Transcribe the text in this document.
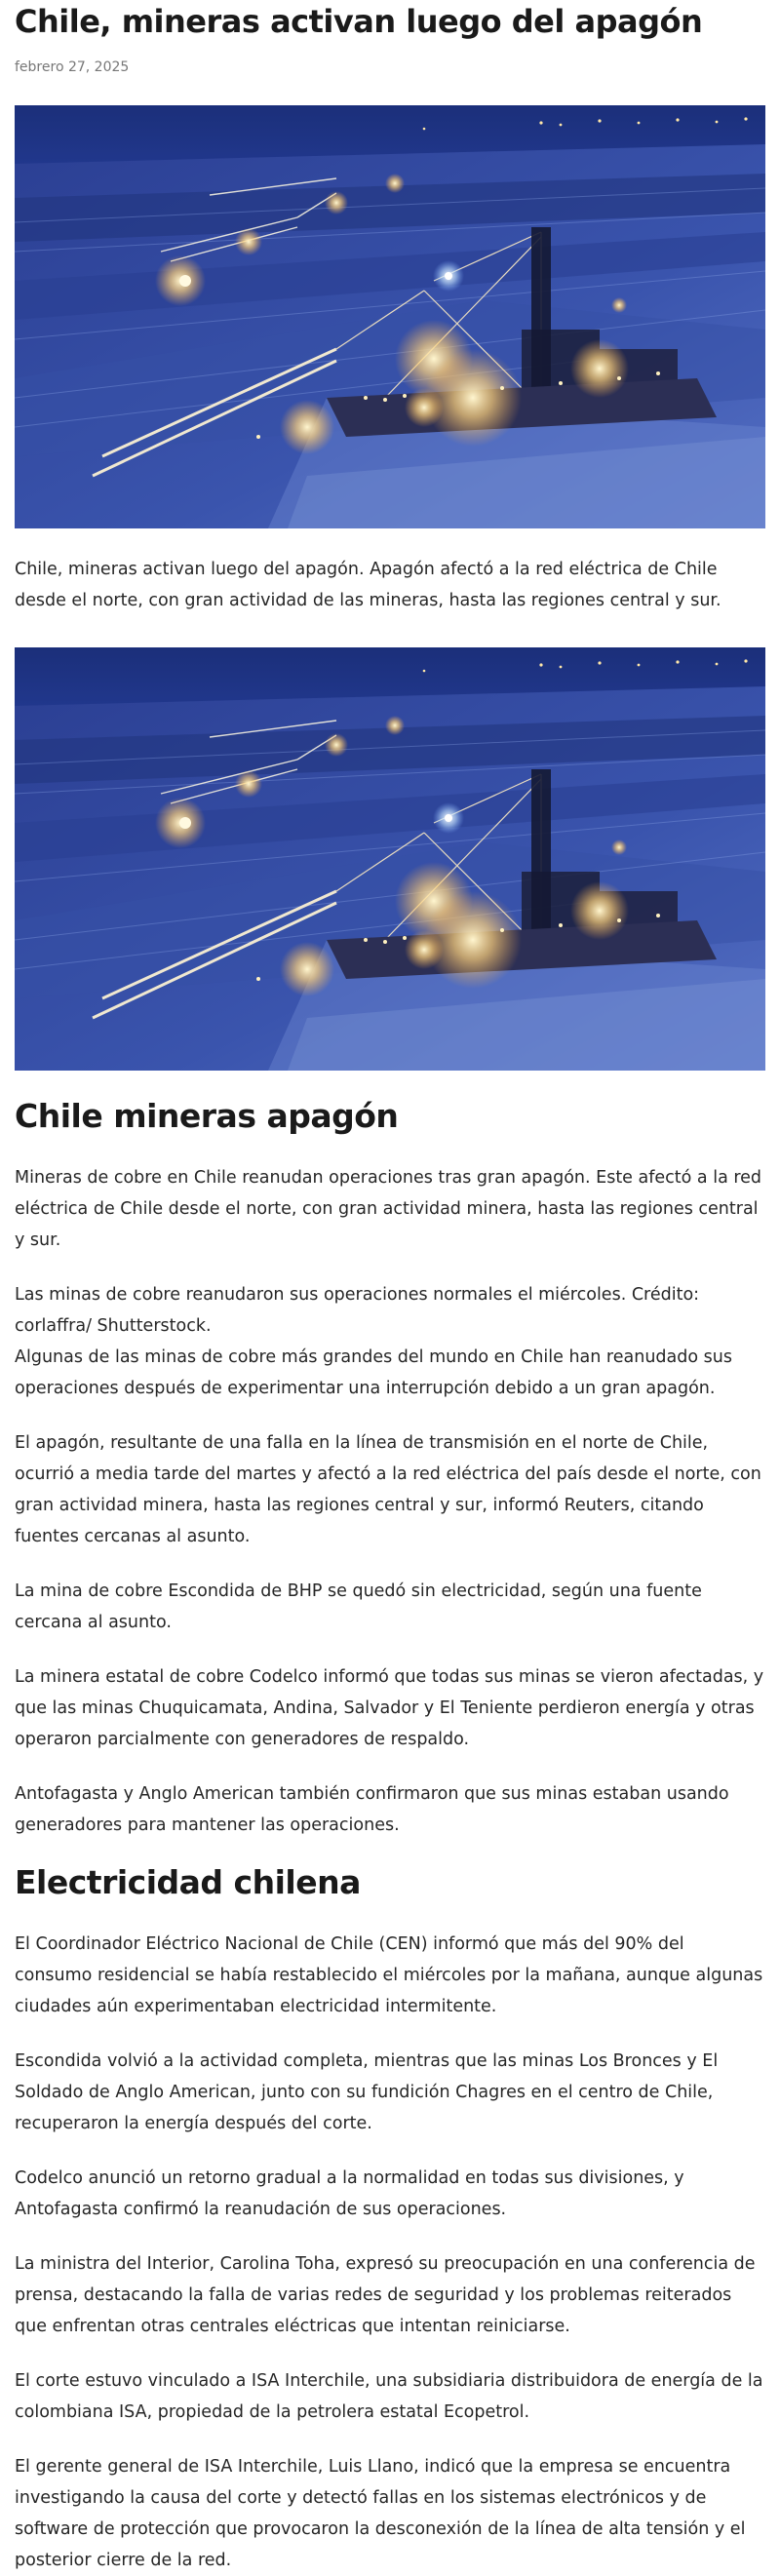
Chile, mineras activan luego del apagón
febrero 27, 2025

Chile, mineras activan luego del apagón. Apagón afectó a la red eléctrica de Chile desde el norte, con gran actividad de las mineras, hasta las regiones central y sur.

Chile mineras apagón

Mineras de cobre en Chile reanudan operaciones tras gran apagón. Este afectó a la red eléctrica de Chile desde el norte, con gran actividad minera, hasta las regiones central y sur.

Las minas de cobre reanudaron sus operaciones normales el miércoles. Crédito: corlaffra/ Shutterstock.

Algunas de las minas de cobre más grandes del mundo en Chile han reanudado sus operaciones después de experimentar una interrupción debido a un gran apagón.

El apagón, resultante de una falla en la línea de transmisión en el norte de Chile, ocurrió a media tarde del martes y afectó a la red eléctrica del país desde el norte, con gran actividad minera, hasta las regiones central y sur, informó Reuters, citando fuentes cercanas al asunto.

La mina de cobre Escondida de BHP se quedó sin electricidad, según una fuente cercana al asunto.

La minera estatal de cobre Codelco informó que todas sus minas se vieron afectadas, y que las minas Chuquicamata, Andina, Salvador y El Teniente perdieron energía y otras operaron parcialmente con generadores de respaldo.

Antofagasta y Anglo American también confirmaron que sus minas estaban usando generadores para mantener las operaciones.

Electricidad chilena

El Coordinador Eléctrico Nacional de Chile (CEN) informó que más del 90% del consumo residencial se había restablecido el miércoles por la mañana, aunque algunas ciudades aún experimentaban electricidad intermitente.

Escondida volvió a la actividad completa, mientras que las minas Los Bronces y El Soldado de Anglo American, junto con su fundición Chagres en el centro de Chile, recuperaron la energía después del corte.

Codelco anunció un retorno gradual a la normalidad en todas sus divisiones, y Antofagasta confirmó la reanudación de sus operaciones.

La ministra del Interior, Carolina Toha, expresó su preocupación en una conferencia de prensa, destacando la falla de varias redes de seguridad y los problemas reiterados que enfrentan otras centrales eléctricas que intentan reiniciarse.

El corte estuvo vinculado a ISA Interchile, una subsidiaria distribuidora de energía de la colombiana ISA, propiedad de la petrolera estatal Ecopetrol.

El gerente general de ISA Interchile, Luis Llano, indicó que la empresa se encuentra investigando la causa del corte y detectó fallas en los sistemas electrónicos y de software de protección que provocaron la desconexión de la línea de alta tensión y el posterior cierre de la red.
